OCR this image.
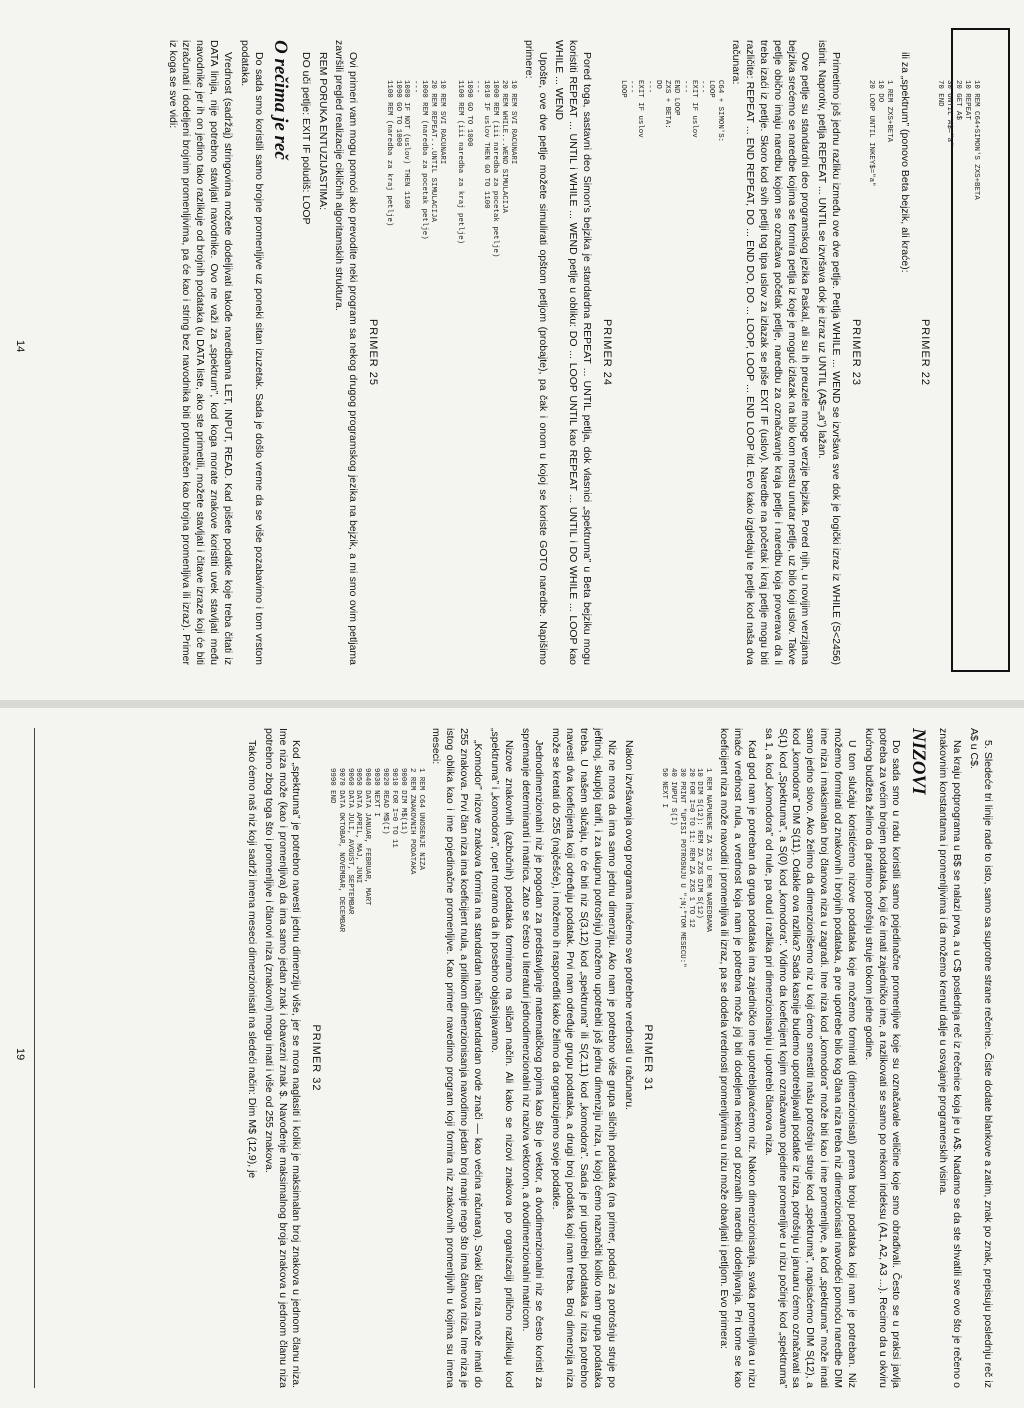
10 REM C64+SIMON'S ZXS+BETA
10 REPEAT
20 GET A$
30 UNTIL A$="a"
70 END
PRIMER 22

ili za „spektrum” (ponovo Beta bejzik, ali kraće):

1 REM ZXS+BETA
10 DO
20 LOOP UNTIL INKEY$="a"
PRIMER 23

Primetimo još jednu razliku između ove dve petlje. Petlja WHILE ... WEND se izvršava sve dok je logički izraz iz WHILE (S<2456) istinit. Naprotiv, petlja REPEAT ... UNTIL se izvršava dok je izraz uz UNTIL (A$=„a”) lažan.

Ove petlje su standardni deo programskog jezika Paskal, ali su ih preuzele mnoge verzije bejzika. Pored njih, u novijim verzijama bejzika srećemo se naredbe kojima se formira petlja iz koje je moguć izlazak na bilo kom mestu unutar petlje, uz bilo koji uslov. Takve petlje obično imaju naredbu kojom se označava početak petlje, naredbu za označavanje kraja petlje i naredbu koja proverava da li treba izaći iz petlje. Skoro kod svih petlji tog tipa uslov za izlazak se piše EXIT IF (uslov). Naredbe na početak i kraj petlje mogu biti različite: REPEAT ... END REPEAT, DO ... END DO, DO ... LOOP, LOOP ... END LOOP itd. Evo kako izgledaju te petlje kod naša dva računara:

C64 + SIMON'S:
LOOP
---
EXIT IF uslov
---
END LOOP
ZXS + BETA:
DO
---
EXIT IF uslov
---
LOOP
PRIMER 24

Pored toga, sastavni deo Simon's bejzika je standardna REPEAT ... UNTIL petlja, dok vlasnici „spektruma” u Beta bejziku mogu koristiti REPEAT ... UNTIL i WHILE ... WEND petlje u obliku: DO ... LOOP UNTIL kao REPEAT ... UNTIL i DO WHILE ... LOOP kao WHILE ... WEND

Upošte, ove dve petlje možete simulirati opštom petljom (probajte), pa čak i onom u kojoj se koriste GOTO naredbe. Napišimo primere:

10 REM SVI RACUNARI
20 REM WHILE...WEND SIMULACIJA
1000 REM (iii naredba za pocetak petlje)
1010 IF uslov THEN GO TO 1100
---
1090 GO TO 1000
1100 REM (iii naredba za kraj petlje)

10 REM SVI RACUNARI
20 REM REPEAT...UNTIL SIMULACIJA
1000 REM (naredba za pocetak petlje)
---
1080 IF NOT (uslov) THEN 1100
1090 GO TO 1000
1100 REM (naredba za kraj petlje)
PRIMER 25

Ovi primeri vam mogu pomoći ako prevodite neki program sa nekog drugog programskog jezika na bejzik, a mi smo ovim petljama završili pregled realizacije cikličnih algoritamskih struktura.

REM PORUKA ENTUZIJASTIMA:

DO uči petlje: EXIT IF poludiš: LOOP

O rečima je reč

Do sada smo koristili samo brojne promenljive uz poneki sitan izuzetak. Sada je došlo vreme da se više pozabavimo i tom vrstom podataka.

Vrednost (sadržaj) stringovima možete dodeljivati takođe naredbama LET, INPUT, READ. Kad pišete podatke koje treba čitati iz DATA linija, nije potrebno stavljati navodnike. Ovo ne važi za „spektrum”, kod koga morate znakove koristiti uvek stavljati među navodnike jer ih on jedino tako razlikuje od brojnih podataka (u DATA liste, ako ste primetili, možete stavljati i čitave izraze koji će biti izračunati i dodeljeni brojnim promenljivima, pa će kao i string bez navodnika biti protumačen kao brojna promenljiva ili izraz). Primer iz koga se sve vidi:

14

5. Sledeće tri linije rade to isto, samo sa suprotne strane rečenice. Čiste dodate blankove a zatim, znak po znak, prepisuju poslednju reč iz A$ u C$.

Na kraju potprograma u B$ se nalazi prva, a u C$ poslednja reč iz rečenice koja je u A$. Nadamo se da ste shvatili sve ovo što je rečeno o znakovnim konstantama i promenljivima i da možemo krenuti dalje u osvajanje programerskih visina.

NIZOVI

Do sada smo u radu koristili samo pojedinačne promenljive koje su označavale veličine koje smo obrađivali. Često se u praksi javlja potreba za većim brojem podataka, koji će imati zajedničko ime, a razlikovati se samo po nekom indeksu (A1, A2, A3 ...). Recimo da u okviru kućnog budžeta želimo da pratimo potrošnju struje tokom jedne godine.

U tom slučaju koristićemo nizove podataka koje možemo formirati (dimenzionisati) prema broju podataka koji nam je potreban. Niz možemo formirati od znakovnih i brojnih podataka, a pre upotrebe bilo kog člana niza treba niz dimenzionisati navodeći pomoću naredbe DIM ime niza i maksimalan broj članova niza u zagradi. Ime niza kod „komodora” može biti kao i ime promenljive, a kod „spektruma” može imati samo jedno slovo. Ako želimo da dimenzionišemo niz u koji ćemo smestiti našu potrošnju struje kod „spektruma”, napisaćemo DIM S(12), a kod „komodora” DIM S(11). Odakle ova razlika? Sada kasnije budemo upotrebljavali podatke iz niza, potrošnju u januaru ćemo označavati sa S(1) kod „Spektruma”, a S(0) kod „komodora”. Vidimo da koeficijent kojim označavamo pojedine promenljive u nizu počinje kod „spektruma” sa 1, a kod „komodora” od nule, pa otud i razlika pri dimenzionisanju i upotrebi članova niza.

Kad god nam je potreban da grupa podataka ima zajedničko ime upotrebljavaćemo niz. Nakon dimenzionisanja, svaka promenljiva u nizu imaće vrednost nula, a vrednost koja nam je potrebna može joj biti dodeljena nekom od poznatih naredbi dodeljivanja. Pri tome se kao koeficijent niza može navoditi i promenljiva ili izraz, pa se dodela vrednosti promenljivima u nizu može obavljati i petljom. Evo primera:

1 REM NAPUNENE ZA ZXS U REM NAREDBAMA
10 DIM S(12): REM ZA ZXS DIM S(12)
20 FOR I=0 TO 11: REM ZA ZXS 1 TO 12
30 PRINT "UPISI POTROSNJU U ";N;"TOM MESECU:"
40 INPUT S(I)
50 NEXT I
PRIMER 31

Nakon izvršavanja ovog programa imaćemo sve potrebne vrednosti u računaru.

Niz ne mora da ima samo jednu dimenziju. Ako nam je potrebno više grupa sličnih podataka (na primer, podaci za potrošnju struje po jeftinoj, skupljoj tarifi, i za ukupnu potrošnju) možemo upotrebiti još jednu dimenziju niza, u kojoj ćemo naznačiti koliko nam grupa podataka treba. U našem slučaju, to će biti niz S(3,12) kod „spektruma” ili S(2,11) kod „komodora”. Sada je pri upotrebi podataka iz niza potrebno navesti dva koeficijenta koji određuju podatak. Prvi nam određuje grupu podataka, a drugi broj podatka koji nam treba. Broj dimenzija niza može se kretati do 255 (najčešće), i možemo ih raspoređiti kako želimo da organizujemo svoje podatke.

Jednodimenzionalni niz je pogodan za predstavljanje matematičkog pojma kao što je vektor, a dvodimenzionalni niz se često koristi za spremanje determinanti i matrica. Zato se često u literaturi jednodimenzionalni niz naziva vektorom, a dvodimenzionalni matricom.

Nizove znakovnih (azbučnih) podataka formiramo na sličan način. Ali kako se nizovi znakova po organizaciji prilično razlikuju kod „spektruma” i „komodora”, opet moramo da ih posebno objašnjavamo.

„Komodor” nizove znakova formira na standardan način (standardan ovde znači — kao većina računara). Svaki član niza može imati do 255 znakova. Prvi član niza ima koeficijent nula, a prilikom dimenzionisanja navodimo jedan broj manje nego što ima članova niza. Ime niza je istog oblika kao i ime pojedinačne promenljive. Kao primer navedimo program koji formira niz znakovnih promenljivih u kojima su imena meseci:

1 REM C64 UNOSENJE NIZA
2 REM ZNAKOVNIH PODATAKA
9000 DIM M$(11)
9010 FOR I=0 TO 11
9020 READ M$(I)
9030 NEXT I
9040 DATA JANUAR, FEBRUAR, MART
9050 DATA APRIL, MAJ, JUNI
9060 DATA JULI, AVGUST, SEPTEMBAR
9070 DATA OKTOBAR, NOVEMBAR, DECEMBAR
9990 END
PRIMER 32

Kod „spektruma” je potrebno navesti jednu dimenziju više, jer se mora naglasiti i koliki je maksimalan broj znakova u jednom članu niza. Ime niza može (kao i promenljiva) da ima samo jedan znak i obavezni znak $. Navođenje maksimalnog broja znakova u jednom članu niza potrebno zbog toga što i promenljive i članovi niza (znakovni) mogu imati i više od 255 znakova.

Tako ćemo naš niz koji sadrži imena meseci dimenzionisati na sledeći način: Dim M$ (12,9), je

19
